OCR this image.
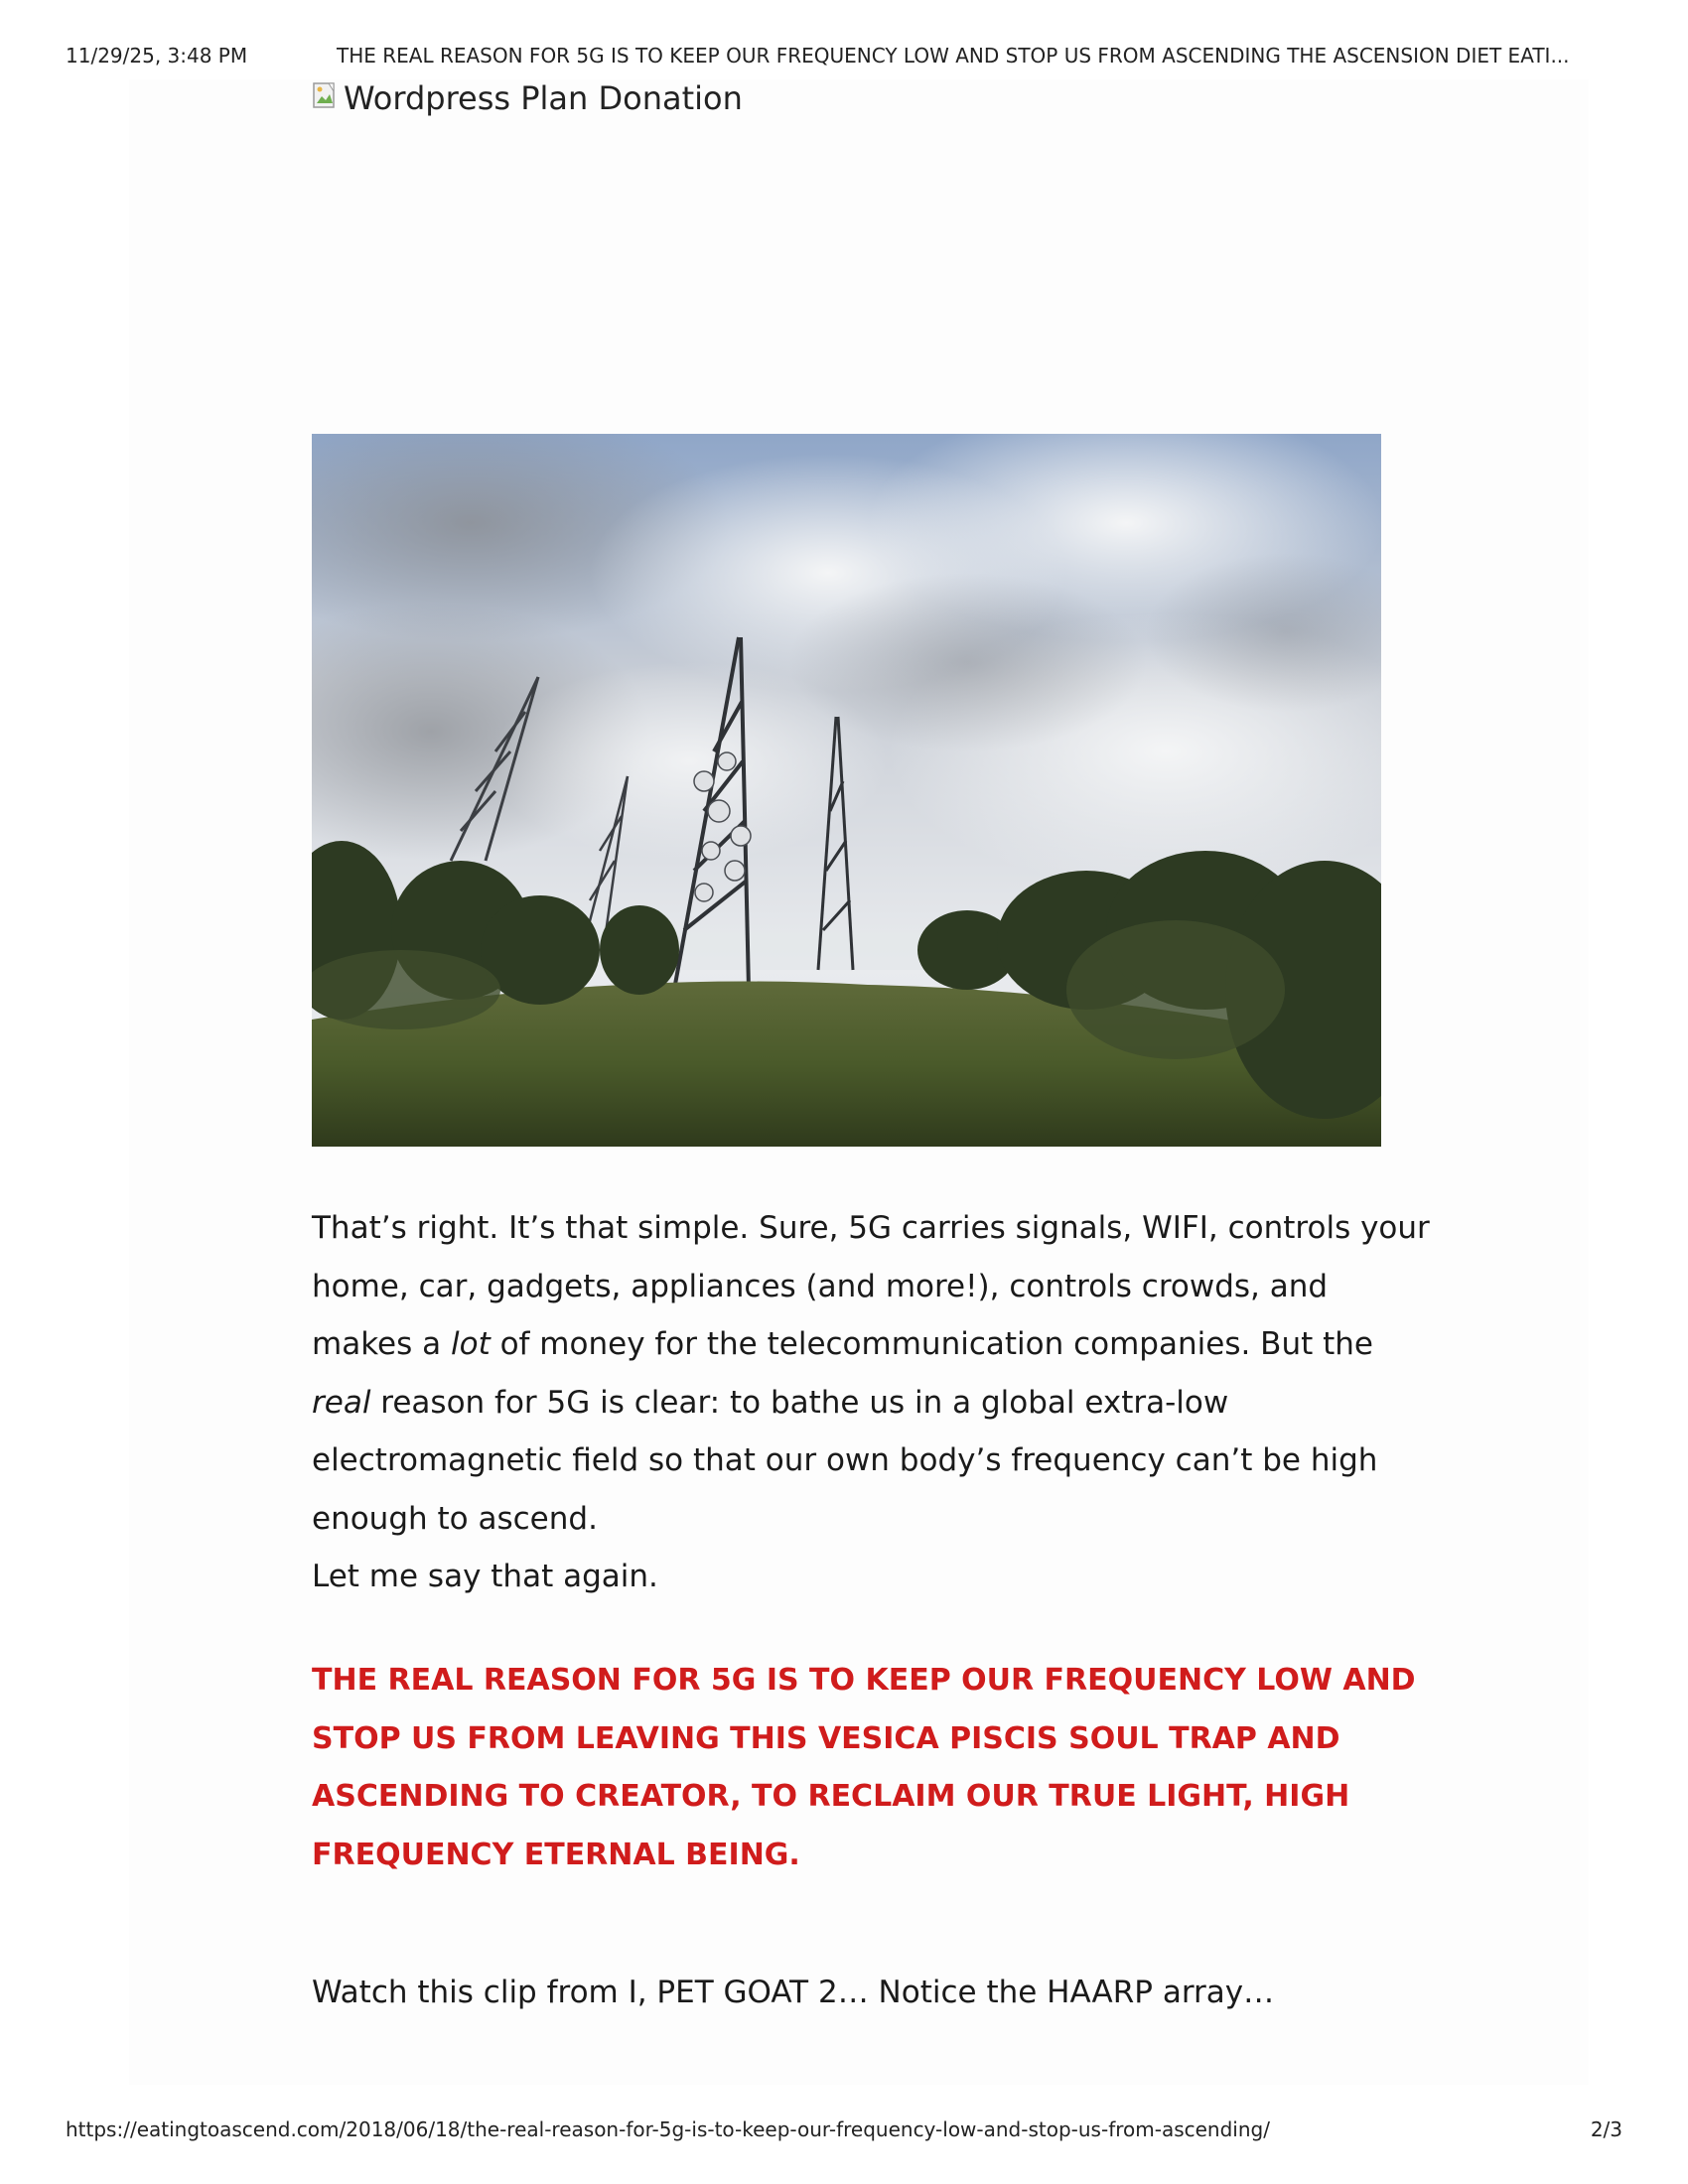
11/29/25, 3:48 PM	THE REAL REASON FOR 5G IS TO KEEP OUR FREQUENCY LOW AND STOP US FROM ASCENDING THE ASCENSION DIET EATI...
Wordpress Plan Donation

That’s right. It’s that simple. Sure, 5G carries signals, WIFI, controls your
home, car, gadgets, appliances (and more!), controls crowds, and
makes a lot of money for the telecommunication companies. But the
real reason for 5G is clear: to bathe us in a global extra-low
electromagnetic field so that our own body’s frequency can’t be high
enough to ascend.
Let me say that again.

THE REAL REASON FOR 5G IS TO KEEP OUR FREQUENCY LOW AND
STOP US FROM LEAVING THIS VESICA PISCIS SOUL TRAP AND
ASCENDING TO CREATOR, TO RECLAIM OUR TRUE LIGHT, HIGH
FREQUENCY ETERNAL BEING.

Watch this clip from I, PET GOAT 2… Notice the HAARP array…

https://eatingtoascend.com/2018/06/18/the-real-reason-for-5g-is-to-keep-our-frequency-low-and-stop-us-from-ascending/	2/3
